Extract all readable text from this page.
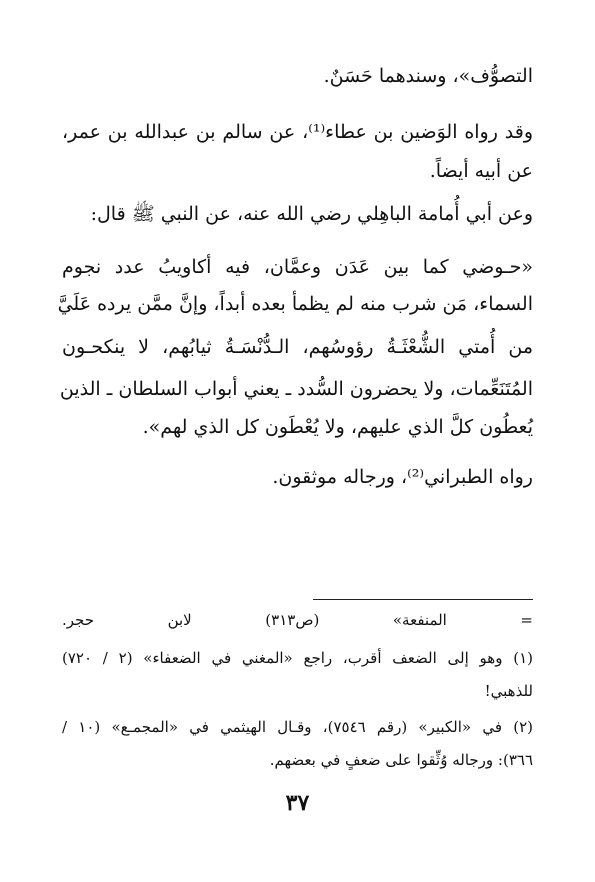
التصوُّف»، وسندهما حَسَنٌ.
وقد رواه الوَضين بن عطاء⁽¹⁾، عن سالم بن عبدالله بن عمر،
عن أبيه أيضاً.
وعن أبي أُمامة الباهِلي رضي الله عنه، عن النبي ﷺ قال:
«حـوضي كما بين عَدَن وعمَّان، فيه أكاويبُ عدد نجوم
السماء، مَن شرب منه لم يظمأ بعده أبداً، وإنَّ ممَّن يرده عَلَيَّ
من أُمتي الشُّعْثَـةُ رؤوسُهم، الـدُّنْسَـةُ ثيابُهم، لا ينكحـون
المُتَنَعِّمات، ولا يحضرون السُّدد ـ يعني أبواب السلطان ـ الذين
يُعطُون كلَّ الذي عليهم، ولا يُعْطَون كل الذي لهم».
رواه الطبراني⁽²⁾، ورجاله موثقون.
= المنفعة» (ص٣١٣) لابن حجر.
(١) وهو إلى الضعف أقرب، راجع «المغني في الضعفاء» (٢ / ٧٢٠)
للذهبي!
(٢) في «الكبير» (رقم ٧٥٤٦)، وقـال الهيثمي في «المجمـع» (١٠ /
٣٦٦): ورجاله وُثِّقوا على ضعفٍ في بعضهم.
٣٧
